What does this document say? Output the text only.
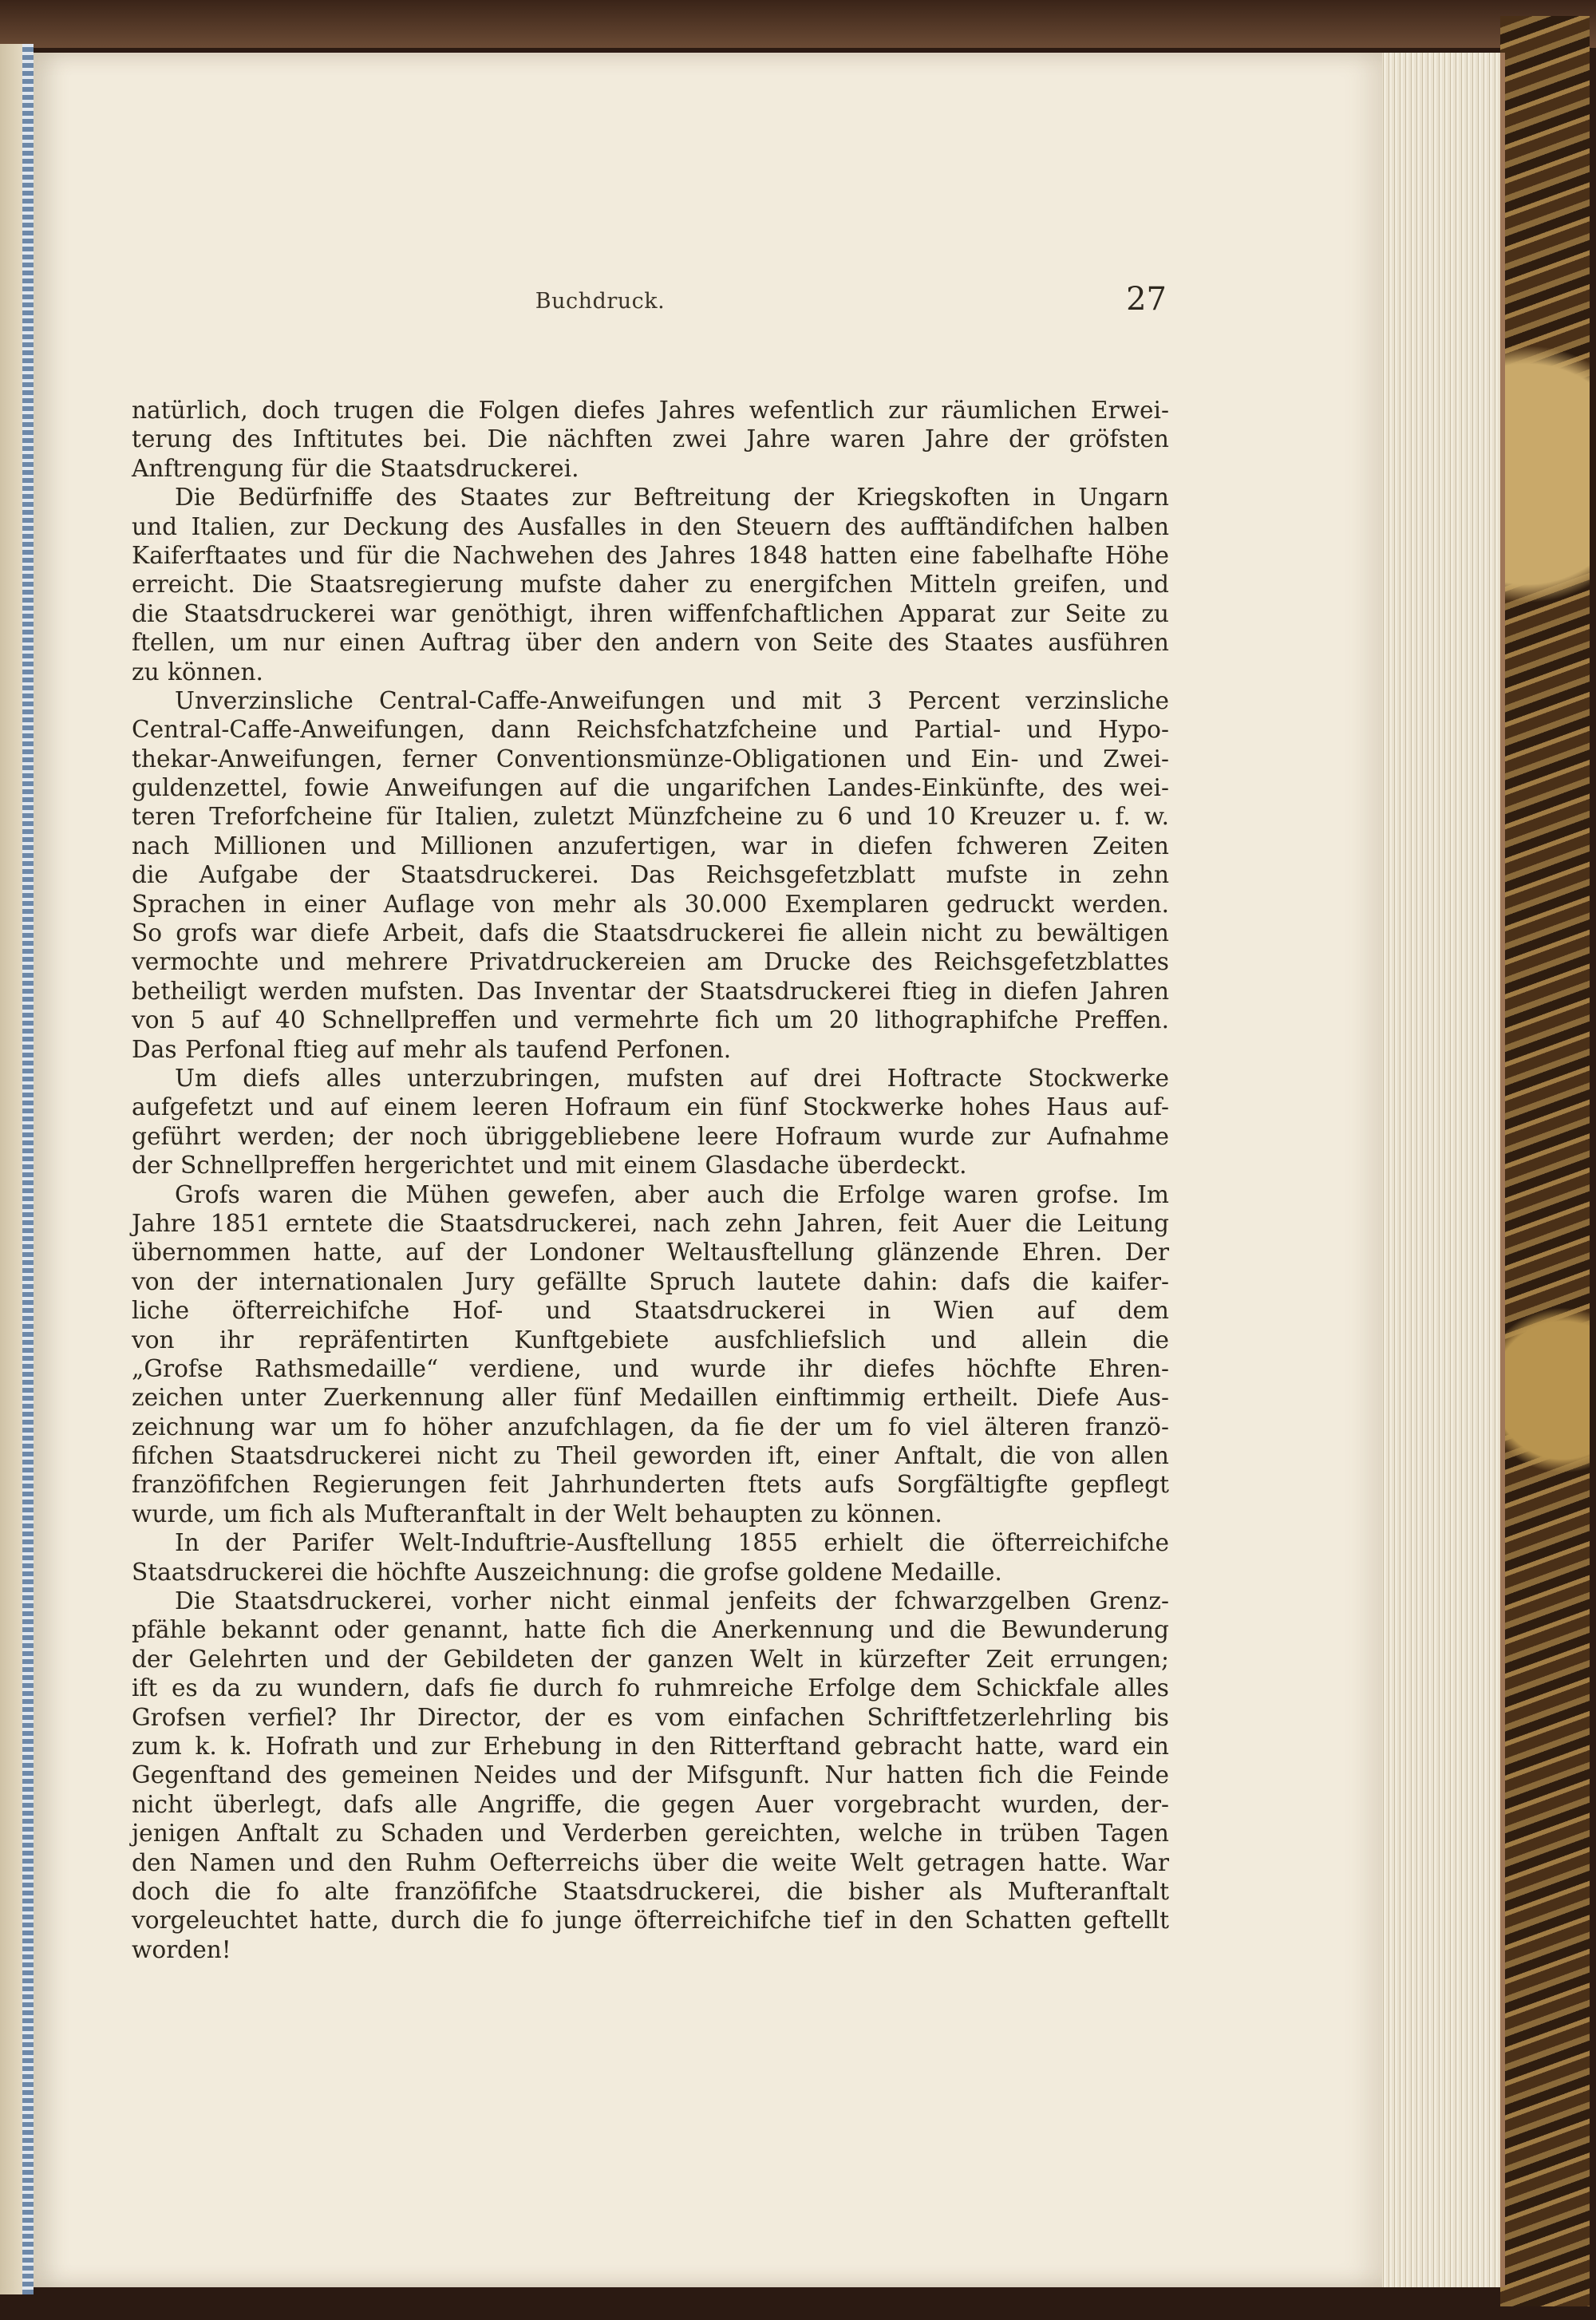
Buchdruck.	27
natürlich, doch trugen die Folgen diefes Jahres wefentlich zur räumlichen Erwei-
terung des Inftitutes bei. Die nächften zwei Jahre waren Jahre der gröfsten
Anftrengung für die Staatsdruckerei.
Die Bedürfniffe des Staates zur Beftreitung der Kriegskoften in Ungarn
und Italien, zur Deckung des Ausfalles in den Steuern des aufftändifchen halben
Kaiferftaates und für die Nachwehen des Jahres 1848 hatten eine fabelhafte Höhe
erreicht. Die Staatsregierung mufste daher zu energifchen Mitteln greifen, und
die Staatsdruckerei war genöthigt, ihren wiffenfchaftlichen Apparat zur Seite zu
ftellen, um nur einen Auftrag über den andern von Seite des Staates ausführen
zu können.
Unverzinsliche Central-Caffe-Anweifungen und mit 3 Percent verzinsliche
Central-Caffe-Anweifungen, dann Reichsfchatzfcheine und Partial- und Hypo-
thekar-Anweifungen, ferner Conventionsmünze-Obligationen und Ein- und Zwei-
guldenzettel, fowie Anweifungen auf die ungarifchen Landes-Einkünfte, des wei-
teren Treforfcheine für Italien, zuletzt Münzfcheine zu 6 und 10 Kreuzer u. f. w.
nach Millionen und Millionen anzufertigen, war in diefen fchweren Zeiten
die Aufgabe der Staatsdruckerei. Das Reichsgefetzblatt mufste in zehn
Sprachen in einer Auflage von mehr als 30.000 Exemplaren gedruckt werden.
So grofs war diefe Arbeit, dafs die Staatsdruckerei fie allein nicht zu bewältigen
vermochte und mehrere Privatdruckereien am Drucke des Reichsgefetzblattes
betheiligt werden mufsten. Das Inventar der Staatsdruckerei ftieg in diefen Jahren
von 5 auf 40 Schnellpreffen und vermehrte fich um 20 lithographifche Preffen.
Das Perfonal ftieg auf mehr als taufend Perfonen.
Um diefs alles unterzubringen, mufsten auf drei Hoftracte Stockwerke
aufgefetzt und auf einem leeren Hofraum ein fünf Stockwerke hohes Haus auf-
geführt werden; der noch übriggebliebene leere Hofraum wurde zur Aufnahme
der Schnellpreffen hergerichtet und mit einem Glasdache überdeckt.
Grofs waren die Mühen gewefen, aber auch die Erfolge waren grofse. Im
Jahre 1851 erntete die Staatsdruckerei, nach zehn Jahren, feit Auer die Leitung
übernommen hatte, auf der Londoner Weltausftellung glänzende Ehren. Der
von der internationalen Jury gefällte Spruch lautete dahin: dafs die kaifer-
liche öfterreichifche Hof- und Staatsdruckerei in Wien auf dem
von ihr repräfentirten Kunftgebiete ausfchliefslich und allein die
„Grofse Rathsmedaille“ verdiene, und wurde ihr diefes höchfte Ehren-
zeichen unter Zuerkennung aller fünf Medaillen einftimmig ertheilt. Diefe Aus-
zeichnung war um fo höher anzufchlagen, da fie der um fo viel älteren franzö-
fifchen Staatsdruckerei nicht zu Theil geworden ift, einer Anftalt, die von allen
franzöfifchen Regierungen feit Jahrhunderten ftets aufs Sorgfältigfte gepflegt
wurde, um fich als Mufteranftalt in der Welt behaupten zu können.
In der Parifer Welt-Induftrie-Ausftellung 1855 erhielt die öfterreichifche
Staatsdruckerei die höchfte Auszeichnung: die grofse goldene Medaille.
Die Staatsdruckerei, vorher nicht einmal jenfeits der fchwarzgelben Grenz-
pfähle bekannt oder genannt, hatte fich die Anerkennung und die Bewunderung
der Gelehrten und der Gebildeten der ganzen Welt in kürzefter Zeit errungen;
ift es da zu wundern, dafs fie durch fo ruhmreiche Erfolge dem Schickfale alles
Grofsen verfiel? Ihr Director, der es vom einfachen Schriftfetzerlehrling bis
zum k. k. Hofrath und zur Erhebung in den Ritterftand gebracht hatte, ward ein
Gegenftand des gemeinen Neides und der Mifsgunft. Nur hatten fich die Feinde
nicht überlegt, dafs alle Angriffe, die gegen Auer vorgebracht wurden, der-
jenigen Anftalt zu Schaden und Verderben gereichten, welche in trüben Tagen
den Namen und den Ruhm Oefterreichs über die weite Welt getragen hatte. War
doch die fo alte franzöfifche Staatsdruckerei, die bisher als Mufteranftalt
vorgeleuchtet hatte, durch die fo junge öfterreichifche tief in den Schatten geftellt
worden!
